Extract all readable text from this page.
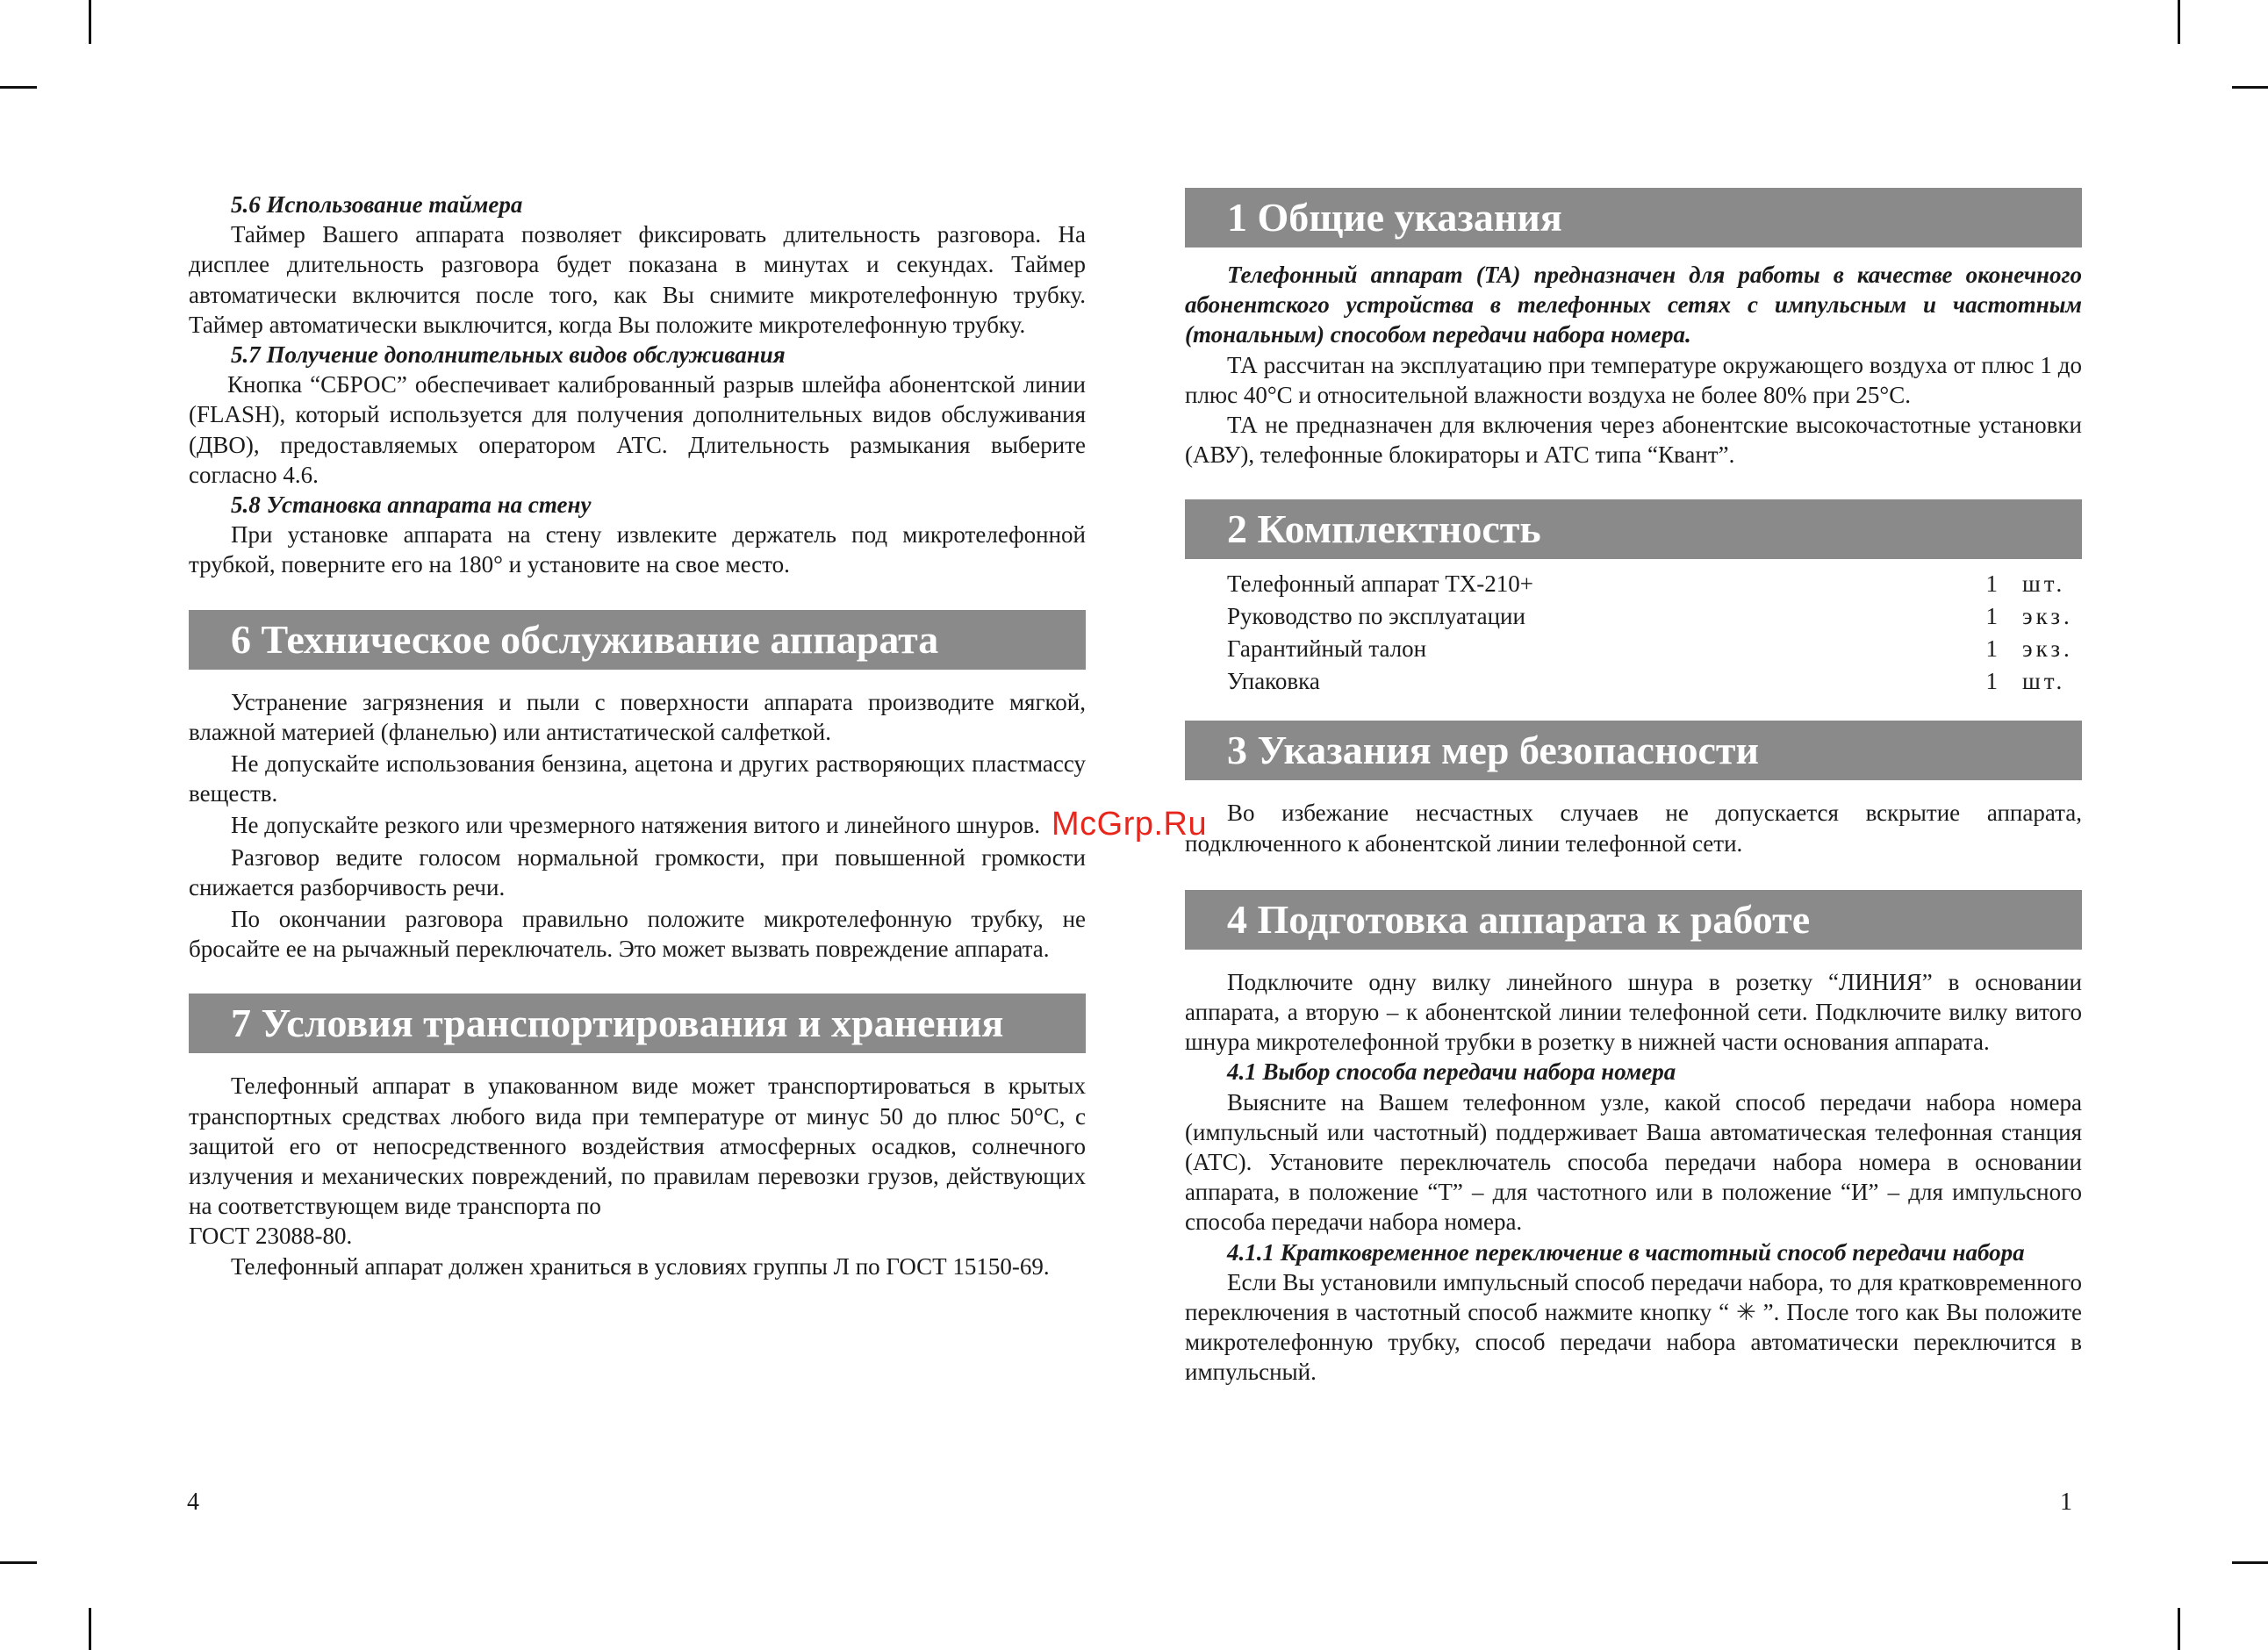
5.6 Использование таймера

Таймер Вашего аппарата позволяет фиксировать длительность разговора. На дисплее длительность разговора будет показана в минутах и секундах. Таймер автоматически включится после того, как Вы снимите микротелефонную трубку. Таймер автоматически выключится, когда Вы положите микротелефонную трубку.

5.7 Получение дополнительных видов обслуживания

Кнопка “СБРОС” обеспечивает калиброванный разрыв шлейфа абонентской линии (FLASH), который используется для получения дополнительных видов обслуживания (ДВО), предоставляемых оператором АТС. Длительность размыкания выберите согласно 4.6.

5.8 Установка аппарата на стену

При установке аппарата на стену извлеките держатель под микротелефонной трубкой, поверните его на 180° и установите на свое место.

6 Техническое обслуживание аппарата

Устранение загрязнения и пыли с поверхности аппарата производите мягкой, влажной материей (фланелью) или антистатической салфеткой.

Не допускайте использования бензина, ацетона и других растворяющих пластмассу веществ.

Не допускайте резкого или чрезмерного натяжения витого и линейного шнуров.

Разговор ведите голосом нормальной громкости, при повышенной громкости снижается разборчивость речи.

По окончании разговора правильно положите микротелефонную трубку, не бросайте ее на рычажный переключатель. Это может вызвать повреждение аппарата.

7 Условия транспортирования и хранения

Телефонный аппарат в упакованном виде может транспортироваться в крытых транспортных средствах любого вида при температуре от минус 50 до плюс 50°С, с защитой его от непосредственного воздействия атмосферных осадков, солнечного излучения и механических повреждений, по правилам перевозки грузов, действующих на соответствующем виде транспорта по

ГОСТ 23088-80.

Телефонный аппарат должен храниться в условиях группы Л по ГОСТ 15150-69.

4
1 Общие указания

Телефонный аппарат (ТА) предназначен для работы в качестве оконечного абонентского устройства в телефонных сетях с импульсным и частотным (тональным) способом передачи набора номера.

ТА рассчитан на эксплуатацию при температуре окружающего воздуха от плюс 1 до плюс 40°С и относительной влажности воздуха не более 80% при 25°С.

ТА не предназначен для включения через абонентские высокочастотные установки (АВУ), телефонные блокираторы и АТС типа “Квант”.

2 Комплектность
Телефонный аппарат ТХ-210+	1	шт.
Руководство по эксплуатации	1	экз.
Гарантийный талон	1	экз.
Упаковка	1	шт.
3 Указания мер безопасности

Во избежание несчастных случаев не допускается вскрытие аппарата, подключенного к абонентской линии телефонной сети.

4 Подготовка аппарата к работе

Подключите одну вилку линейного шнура в розетку “ЛИНИЯ” в основании аппарата, а вторую – к абонентской линии телефонной сети. Подключите вилку витого шнура микротелефонной трубки в розетку в нижней части основания аппарата.

4.1 Выбор способа передачи набора номера

Выясните на Вашем телефонном узле, какой способ передачи набора номера (импульсный или частотный) поддерживает Ваша автоматическая телефонная станция (АТС). Установите переключатель способа передачи набора номера в основании аппарата, в положение “Т” – для частотного или в положение “И” – для импульсного способа передачи набора номера.

4.1.1 Кратковременное переключение в частотный способ передачи набора

Если Вы установили импульсный способ передачи набора, то для кратковременного переключения в частотный способ нажмите кнопку “ ✳ ”. После того как Вы положите микротелефонную трубку, способ передачи набора автоматически переключится в импульсный.

1
McGrp.Ru
